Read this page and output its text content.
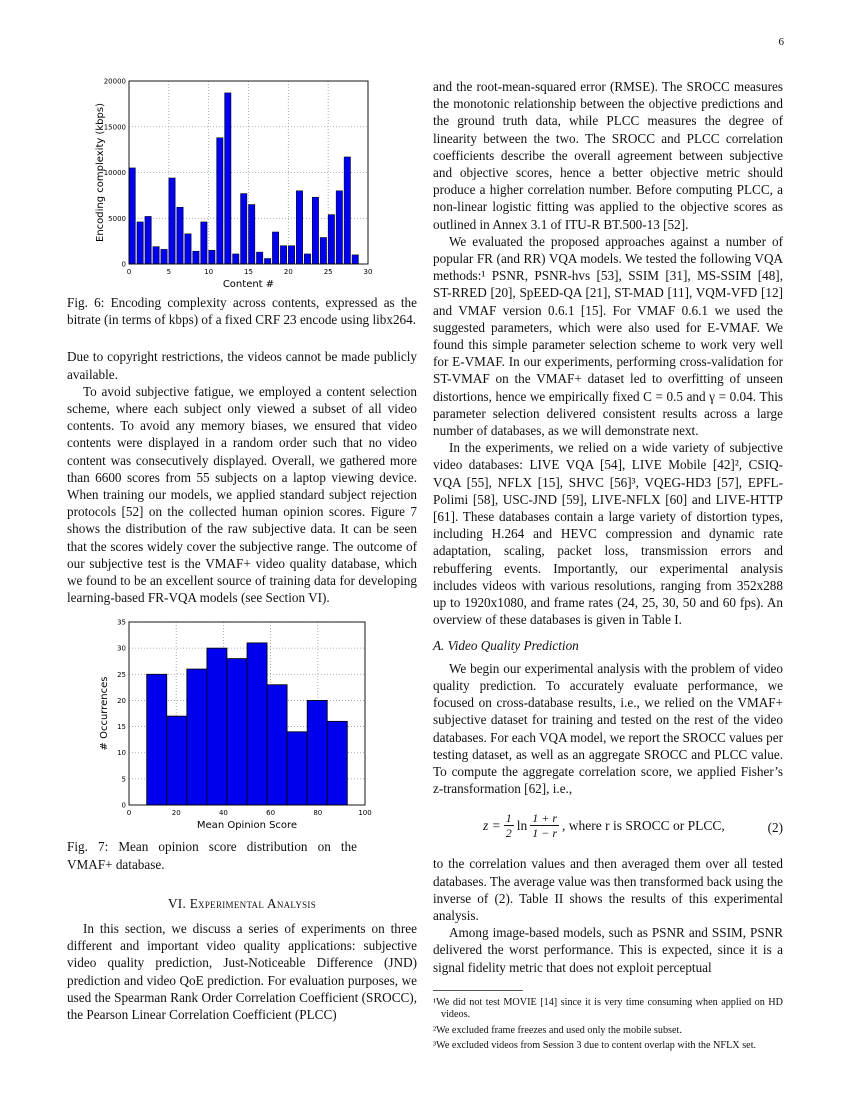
6
0
5000
10000
15000
20000
0	5	10	15	20	25	30
Content #
Encoding complexity (kbps)

Fig. 6: Encoding complexity across contents, expressed as the bitrate (in terms of kbps) of a fixed CRF 23 encode using libx264.

Due to copyright restrictions, the videos cannot be made publicly available.

To avoid subjective fatigue, we employed a content selection scheme, where each subject only viewed a subset of all video contents. To avoid any memory biases, we ensured that video contents were displayed in a random order such that no video content was consecutively displayed. Overall, we gathered more than 6600 scores from 55 subjects on a laptop viewing device. When training our models, we applied standard subject rejection protocols [52] on the collected human opinion scores. Figure 7 shows the distribution of the raw subjective data. It can be seen that the scores widely cover the subjective range. The outcome of our subjective test is the VMAF+ video quality database, which we found to be an excellent source of training data for developing learning-based FR-VQA models (see Section VI).

0
5
10
15
20
25
30
35
0	20	40	60	80	100
Mean Opinion Score
# Occurrences

Fig. 7: Mean opinion score distribution on the VMAF+ database.

VI. Experimental Analysis

In this section, we discuss a series of experiments on three different and important video quality applications: subjective video quality prediction, Just-Noticeable Difference (JND) prediction and video QoE prediction. For evaluation purposes, we used the Spearman Rank Order Correlation Coefficient (SROCC), the Pearson Linear Correlation Coefficient (PLCC)

and the root-mean-squared error (RMSE). The SROCC measures the monotonic relationship between the objective predictions and the ground truth data, while PLCC measures the degree of linearity between the two. The SROCC and PLCC correlation coefficients describe the overall agreement between subjective and objective scores, hence a better objective metric should produce a higher correlation number. Before computing PLCC, a non-linear logistic fitting was applied to the objective scores as outlined in Annex 3.1 of ITU-R BT.500-13 [52].

We evaluated the proposed approaches against a number of popular FR (and RR) VQA models. We tested the following VQA methods:¹ PSNR, PSNR-hvs [53], SSIM [31], MS-SSIM [48], ST-RRED [20], SpEED-QA [21], ST-MAD [11], VQM-VFD [12] and VMAF version 0.6.1 [15]. For VMAF 0.6.1 we used the suggested parameters, which were also used for E-VMAF. We found this simple parameter selection scheme to work very well for E-VMAF. In our experiments, performing cross-validation for ST-VMAF on the VMAF+ dataset led to overfitting of unseen distortions, hence we empirically fixed C = 0.5 and γ = 0.04. This parameter selection delivered consistent results across a large number of databases, as we will demonstrate next.

In the experiments, we relied on a wide variety of subjective video databases: LIVE VQA [54], LIVE Mobile [42]², CSIQ-VQA [55], NFLX [15], SHVC [56]³, VQEG-HD3 [57], EPFL-Polimi [58], USC-JND [59], LIVE-NFLX [60] and LIVE-HTTP [61]. These databases contain a large variety of distortion types, including H.264 and HEVC compression and dynamic rate adaptation, scaling, packet loss, transmission errors and rebuffering events. Importantly, our experimental analysis includes videos with various resolutions, ranging from 352x288 up to 1920x1080, and frame rates (24, 25, 30, 50 and 60 fps). An overview of these databases is given in Table I.

A. Video Quality Prediction

We begin our experimental analysis with the problem of video quality prediction. To accurately evaluate performance, we focused on cross-database results, i.e., we relied on the VMAF+ subjective dataset for training and tested on the rest of the video databases. For each VQA model, we report the SROCC values per testing dataset, as well as an aggregate SROCC and PLCC value. To compute the aggregate correlation score, we applied Fisher’s z-transformation [62], i.e.,

$z = \frac{1}{2}$ $\ln \frac{1 + r}{1 - r}$ , where r is SROCC or PLCC,	(2)

to the correlation values and then averaged them over all tested databases. The average value was then transformed back using the inverse of (2). Table II shows the results of this experimental analysis.

Among image-based models, such as PSNR and SSIM, PSNR delivered the worst performance. This is expected, since it is a signal fidelity metric that does not exploit perceptual

¹We did not test MOVIE [14] since it is very time consuming when applied on HD videos.

²We excluded frame freezes and used only the mobile subset.

³We excluded videos from Session 3 due to content overlap with the NFLX set.
